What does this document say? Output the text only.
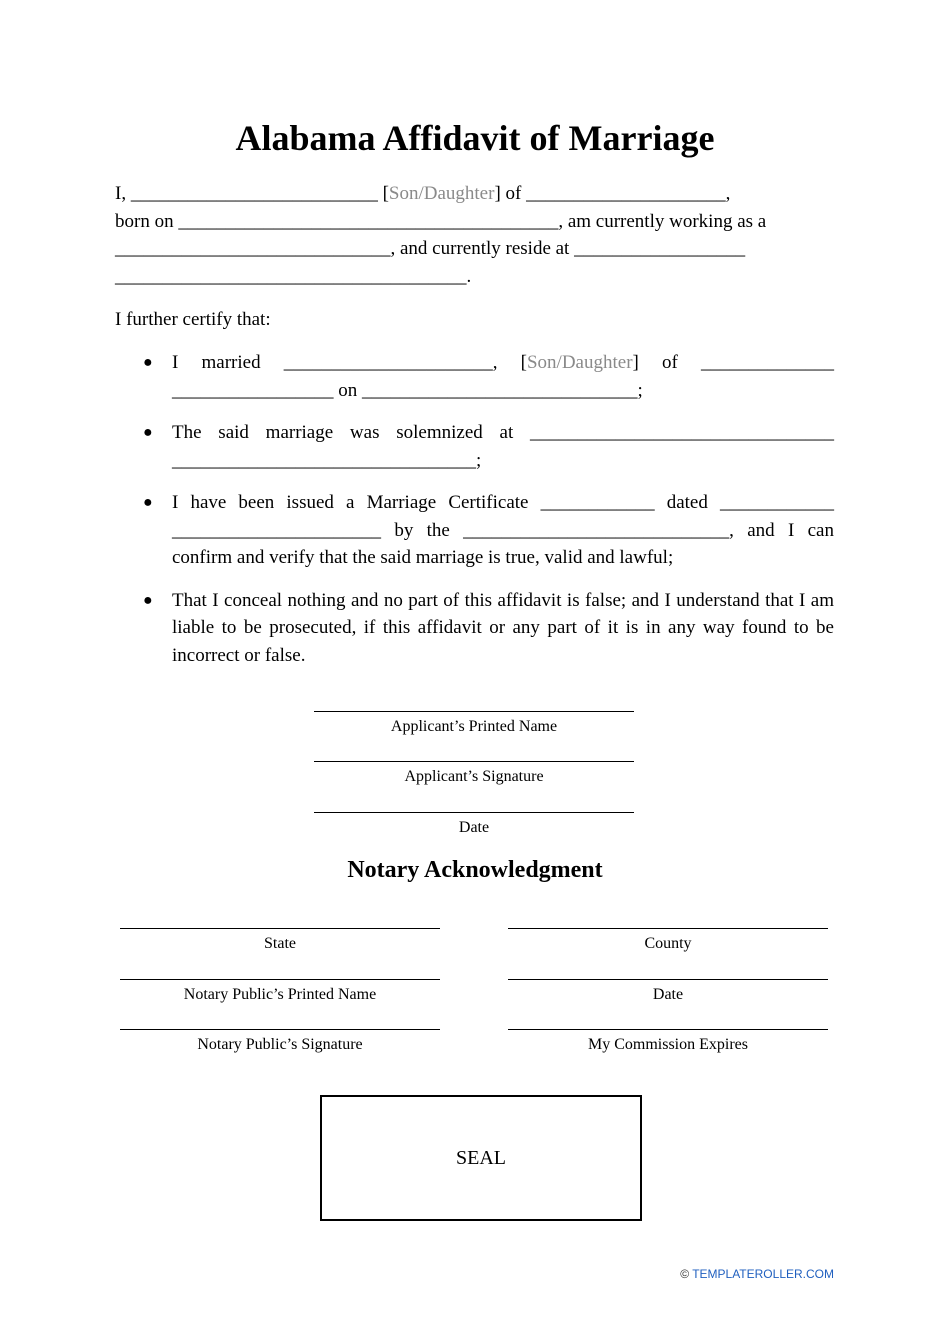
Alabama Affidavit of Marriage

I, __________________________ [Son/Daughter] of _____________________,

born on ________________________________________, am currently working as a

_____________________________, and currently reside at __________________

_____________________________________.

I further certify that:

● I married ______________________, [Son/Daughter] of ______________ _________________ on _____________________________;
● The said marriage was solemnized at ________________________________ ________________________________;
● I have been issued a Marriage Certificate ____________ dated ____________ ______________________ by the ____________________________, and I can confirm and verify that the said marriage is true, valid and lawful;
● That I conceal nothing and no part of this affidavit is false; and I understand that I am liable to be prosecuted, if this affidavit or any part of it is in any way found to be incorrect or false.
Applicant’s Printed Name
Applicant’s Signature
Date
Notary Acknowledgment
State
Notary Public’s Printed Name
Notary Public’s Signature
County
Date
My Commission Expires
SEAL
© TEMPLATEROLLER.COM
